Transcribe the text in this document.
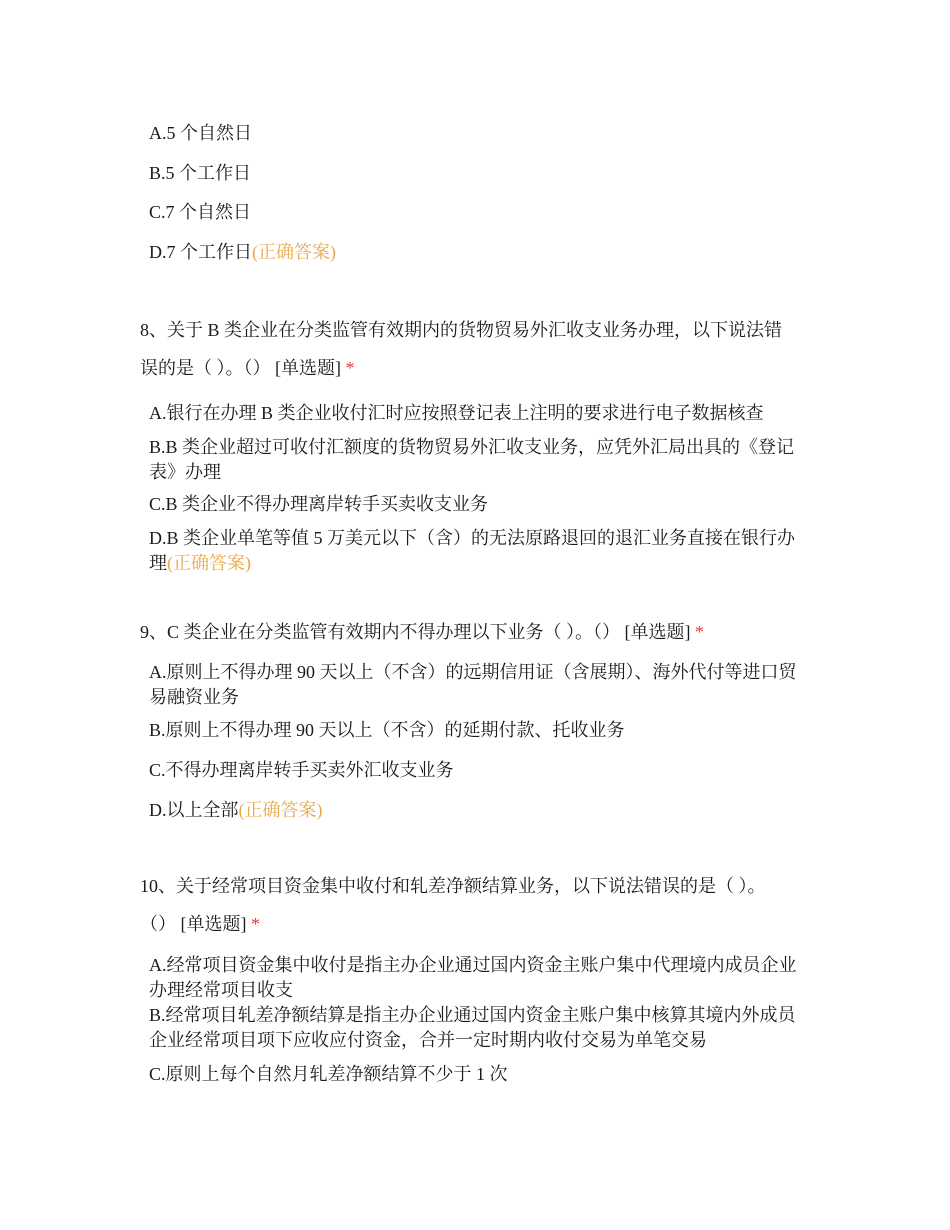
A.5 个自然日
B.5 个工作日
C.7 个自然日
D.7 个工作日(正确答案)
8、关于 B 类企业在分类监管有效期内的货物贸易外汇收支业务办理，以下说法错
误的是（ ）。（） [单选题] *
A.银行在办理 B 类企业收付汇时应按照登记表上注明的要求进行电子数据核查
B.B 类企业超过可收付汇额度的货物贸易外汇收支业务，应凭外汇局出具的《登记表》办理
C.B 类企业不得办理离岸转手买卖收支业务
D.B 类企业单笔等值 5 万美元以下（含）的无法原路退回的退汇业务直接在银行办理(正确答案)
9、C 类企业在分类监管有效期内不得办理以下业务（ ）。（） [单选题] *
A.原则上不得办理 90 天以上（不含）的远期信用证（含展期）、海外代付等进口贸易融资业务
B.原则上不得办理 90 天以上（不含）的延期付款、托收业务
C.不得办理离岸转手买卖外汇收支业务
D.以上全部(正确答案)
10、关于经常项目资金集中收付和轧差净额结算业务，以下说法错误的是（ ）。
（） [单选题] *
A.经常项目资金集中收付是指主办企业通过国内资金主账户集中代理境内成员企业办理经常项目收支
B.经常项目轧差净额结算是指主办企业通过国内资金主账户集中核算其境内外成员企业经常项目项下应收应付资金，合并一定时期内收付交易为单笔交易
C.原则上每个自然月轧差净额结算不少于 1 次
